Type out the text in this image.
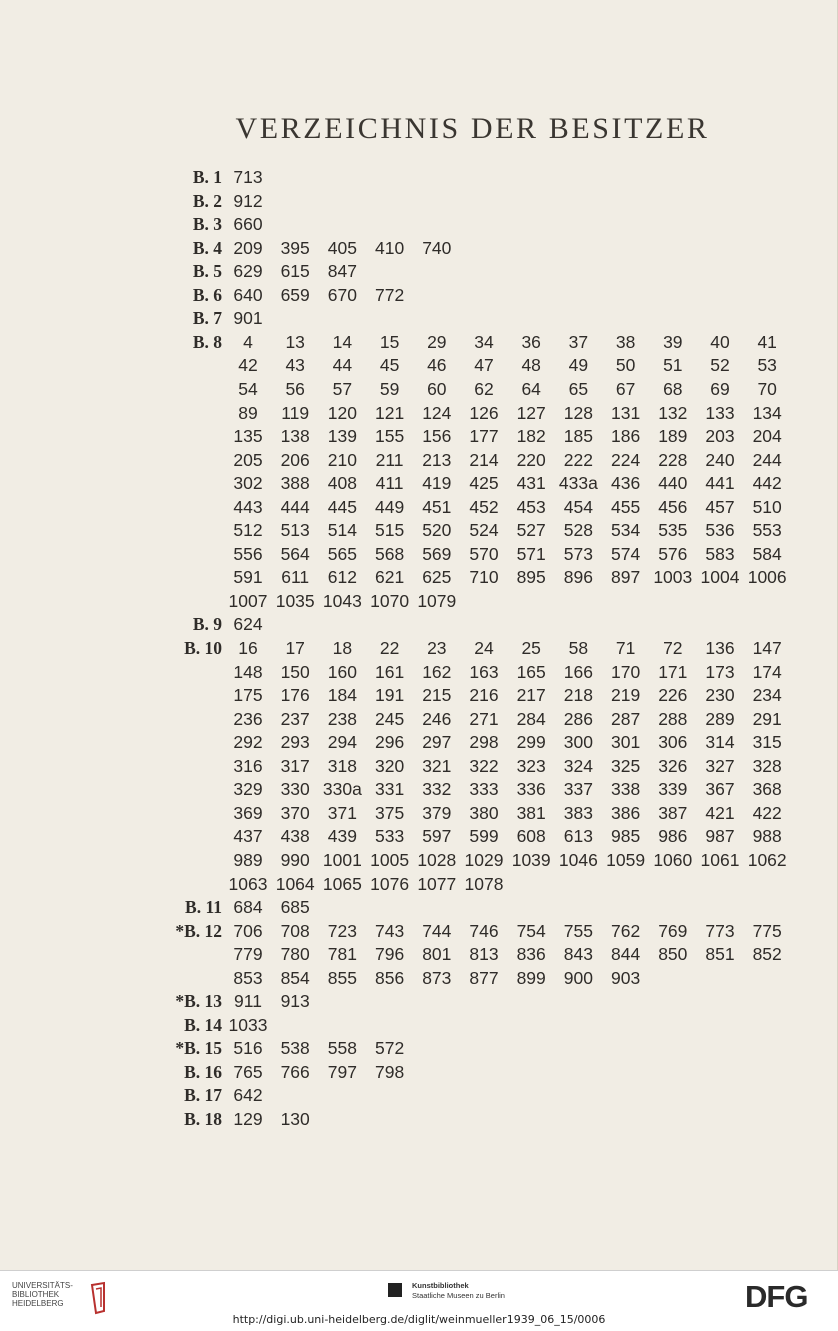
VERZEICHNIS DER BESITZER
B. 1 713
B. 2 912
B. 3 660
B. 4 209	395	405	410	740
B. 5 629	615	847
B. 6 640	659	670	772
B. 7 901
B. 8	4	13	14	15	29	34	36	37	38	39	40	41
42	43	44	45	46	47	48	49	50	51	52	53
54	56	57	59	60	62	64	65	67	68	69	70
89	119	120	121	124	126	127	128	131	132	133	134
135	138	139	155	156	177	182	185	186	189	203	204
205	206	210	211	213	214	220	222	224	228	240	244
302	388	408	411	419	425	431 433a 436	440	441	442
443	444	445	449	451	452	453	454	455	456	457	510
512	513	514	515	520	524	527	528	534	535	536	553
556	564	565	568	569	570	571	573	574	576	583	584
591	611	612	621	625	710	895	896	897 1003 1004 1006
1007 1035 1043 1070 1079
B. 9 624
B. 10 16	17	18	22	23	24	25	58	71	72	136	147
148	150	160	161	162	163	165	166	170	171	173	174
175	176	184	191	215	216	217	218	219	226	230	234
236	237	238	245	246	271	284	286	287	288	289	291
292	293	294	296	297	298	299	300	301	306	314	315
316	317	318	320	321	322	323	324	325	326	327	328
329	330 330a 331	332	333	336	337	338	339	367	368
369	370	371	375	379	380	381	383	386	387	421	422
437	438	439	533	597	599	608	613	985	986	987	988
989	990 1001 1005 1028 1029 1039 1046 1059 1060 1061 1062
1063 1064 1065 1076 1077 1078
B. 11 684	685
*B. 12 706	708	723	743	744	746	754	755	762	769	773	775
779	780	781	796	801	813	836	843	844	850	851	852
853	854	855	856	873	877	899	900	903
*B. 13 911	913
B. 14 1033
*B. 15 516	538	558	572
B. 16 765	766	797	798
B. 17 642
B. 18 129	130
UNIVERSITÄTS-
BIBLIOTHEK
HEIDELBERG
Kunstbibliothek
Staatliche Museen zu Berlin	DFG
http://digi.ub.uni-heidelberg.de/diglit/weinmueller1939_06_15/0006
